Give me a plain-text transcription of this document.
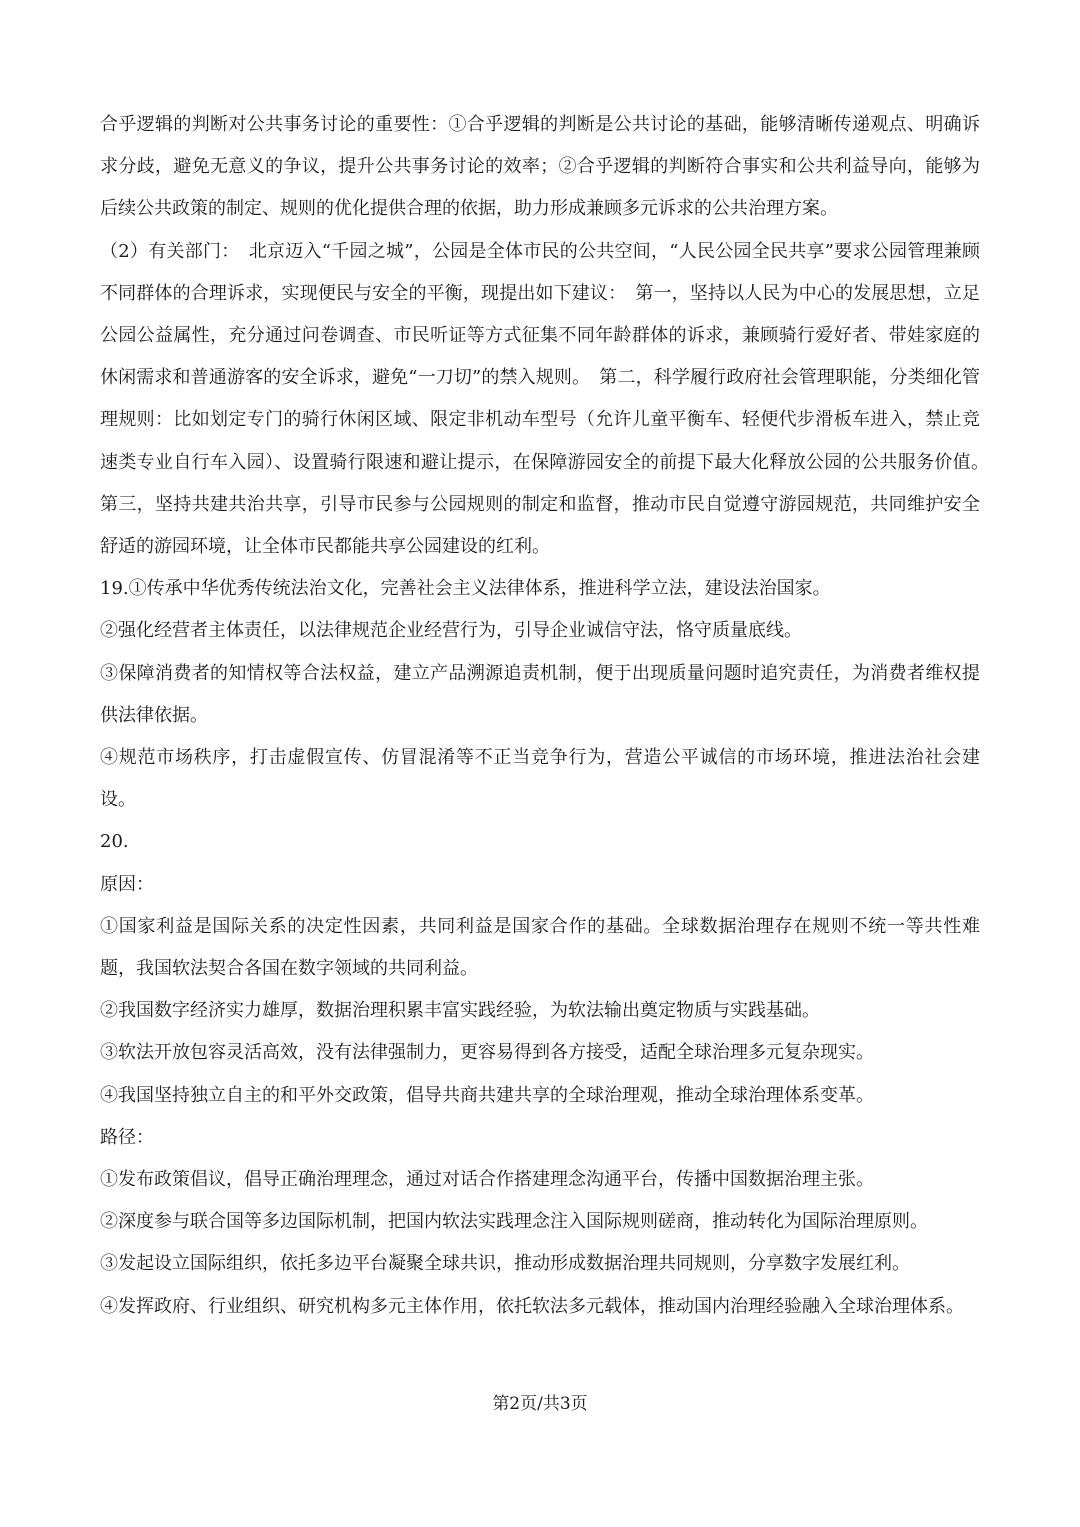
合乎逻辑的判断对公共事务讨论的重要性：①合乎逻辑的判断是公共讨论的基础，能够清晰传递观点、明确诉求分歧，避免无意义的争议，提升公共事务讨论的效率；②合乎逻辑的判断符合事实和公共利益导向，能够为后续公共政策的制定、规则的优化提供合理的依据，助力形成兼顾多元诉求的公共治理方案。

（2）有关部门：　北京迈入“千园之城”，公园是全体市民的公共空间，“人民公园全民共享”要求公园管理兼顾不同群体的合理诉求，实现便民与安全的平衡，现提出如下建议：　第一，坚持以人民为中心的发展思想，立足公园公益属性，充分通过问卷调查、市民听证等方式征集不同年龄群体的诉求，兼顾骑行爱好者、带娃家庭的休闲需求和普通游客的安全诉求，避免“一刀切”的禁入规则。　第二，科学履行政府社会管理职能，分类细化管理规则：比如划定专门的骑行休闲区域、限定非机动车型号（允许儿童平衡车、轻便代步滑板车进入，禁止竞速类专业自行车入园）、设置骑行限速和避让提示，在保障游园安全的前提下最大化释放公园的公共服务价值。　第三，坚持共建共治共享，引导市民参与公园规则的制定和监督，推动市民自觉遵守游园规范，共同维护安全舒适的游园环境，让全体市民都能共享公园建设的红利。

19.①传承中华优秀传统法治文化，完善社会主义法律体系，推进科学立法，建设法治国家。

②强化经营者主体责任，以法律规范企业经营行为，引导企业诚信守法，恪守质量底线。

③保障消费者的知情权等合法权益，建立产品溯源追责机制，便于出现质量问题时追究责任，为消费者维权提供法律依据。

④规范市场秩序，打击虚假宣传、仿冒混淆等不正当竞争行为，营造公平诚信的市场环境，推进法治社会建设。

20.

原因：

①国家利益是国际关系的决定性因素，共同利益是国家合作的基础。全球数据治理存在规则不统一等共性难题，我国软法契合各国在数字领域的共同利益。

②我国数字经济实力雄厚，数据治理积累丰富实践经验，为软法输出奠定物质与实践基础。

③软法开放包容灵活高效，没有法律强制力，更容易得到各方接受，适配全球治理多元复杂现实。

④我国坚持独立自主的和平外交政策，倡导共商共建共享的全球治理观，推动全球治理体系变革。

路径：

①发布政策倡议，倡导正确治理理念，通过对话合作搭建理念沟通平台，传播中国数据治理主张。

②深度参与联合国等多边国际机制，把国内软法实践理念注入国际规则磋商，推动转化为国际治理原则。

③发起设立国际组织，依托多边平台凝聚全球共识，推动形成数据治理共同规则，分享数字发展红利。

④发挥政府、行业组织、研究机构多元主体作用，依托软法多元载体，推动国内治理经验融入全球治理体系。

第2页/共3页
